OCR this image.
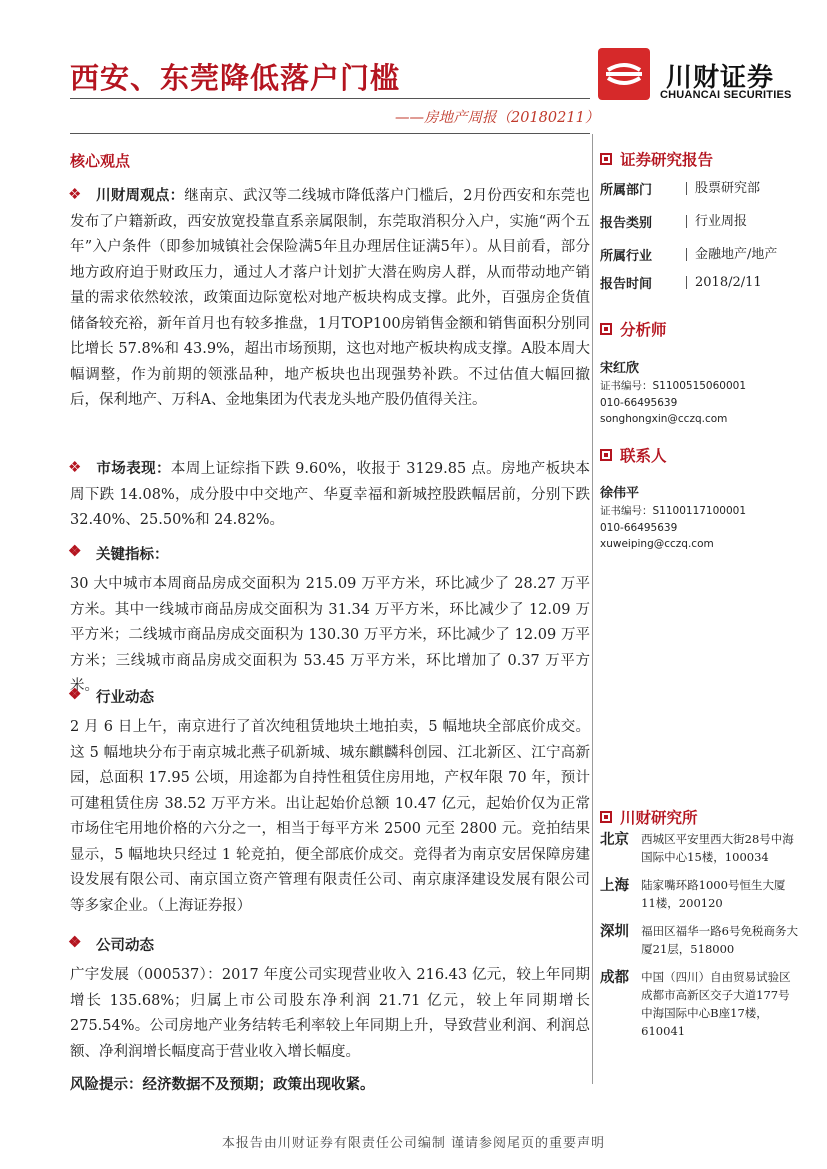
西安、东莞降低落户门槛
——房地产周报（20180211）
川财证券
CHUANCAI SECURITIES
核心观点
❖川财周观点：继南京、武汉等二线城市降低落户门槛后，2月份西安和东莞也发布了户籍新政，西安放宽投靠直系亲属限制，东莞取消积分入户，实施“两个五年”入户条件（即参加城镇社会保险满5年且办理居住证满5年）。从目前看，部分地方政府迫于财政压力，通过人才落户计划扩大潜在购房人群，从而带动地产销量的需求依然较浓，政策面边际宽松对地产板块构成支撑。此外，百强房企货值储备较充裕，新年首月也有较多推盘，1月TOP100房销售金额和销售面积分别同比增长 57.8%和 43.9%，超出市场预期，这也对地产板块构成支撑。A股本周大幅调整，作为前期的领涨品种，地产板块也出现强势补跌。不过估值大幅回撤后，保利地产、万科A、金地集团为代表龙头地产股仍值得关注。
❖市场表现：本周上证综指下跌 9.60%，收报于 3129.85 点。房地产板块本周下跌 14.08%，成分股中中交地产、华夏幸福和新城控股跌幅居前，分别下跌 32.40%、25.50%和 24.82%。
❖
关键指标：
30 大中城市本周商品房成交面积为 215.09 万平方米，环比减少了 28.27 万平方米。其中一线城市商品房成交面积为 31.34 万平方米，环比减少了 12.09 万平方米；二线城市商品房成交面积为 130.30 万平方米，环比减少了 12.09 万平方米；三线城市商品房成交面积为 53.45 万平方米，环比增加了 0.37 万平方米。
❖
行业动态
2 月 6 日上午，南京进行了首次纯租赁地块土地拍卖，5 幅地块全部底价成交。这 5 幅地块分布于南京城北燕子矶新城、城东麒麟科创园、江北新区、江宁高新园，总面积 17.95 公顷，用途都为自持性租赁住房用地，产权年限 70 年，预计可建租赁住房 38.52 万平方米。出让起始价总额 10.47 亿元，起始价仅为正常市场住宅用地价格的六分之一，相当于每平方米 2500 元至 2800 元。竞拍结果显示，5 幅地块只经过 1 轮竞拍，便全部底价成交。竞得者为南京安居保障房建设发展有限公司、南京国立资产管理有限责任公司、南京康泽建设发展有限公司等多家企业。（上海证券报）
❖
公司动态
广宇发展（000537）：2017 年度公司实现营业收入 216.43 亿元，较上年同期增长 135.68%；归属上市公司股东净利润 21.71 亿元，较上年同期增长 275.54%。公司房地产业务结转毛利率较上年同期上升，导致营业利润、利润总额、净利润增长幅度高于营业收入增长幅度。
风险提示：经济数据不及预期；政策出现收紧。
证券研究报告
所属部门	股票研究部
报告类别	行业周报
所属行业	金融地产/地产
报告时间	2018/2/11
分析师
宋红欣
证书编号：S1100515060001
010-66495639
songhongxin@cczq.com
联系人
徐伟平
证书编号：S1100117100001
010-66495639
xuweiping@cczq.com
川财研究所
北京	西城区平安里西大街28号中海国际中心15楼，100034
上海	陆家嘴环路1000号恒生大厦11楼，200120
深圳	福田区福华一路6号免税商务大厦21层，518000
成都	中国（四川）自由贸易试验区成都市高新区交子大道177号中海国际中心B座17楼，610041
本报告由川财证券有限责任公司编制 谨请参阅尾页的重要声明
